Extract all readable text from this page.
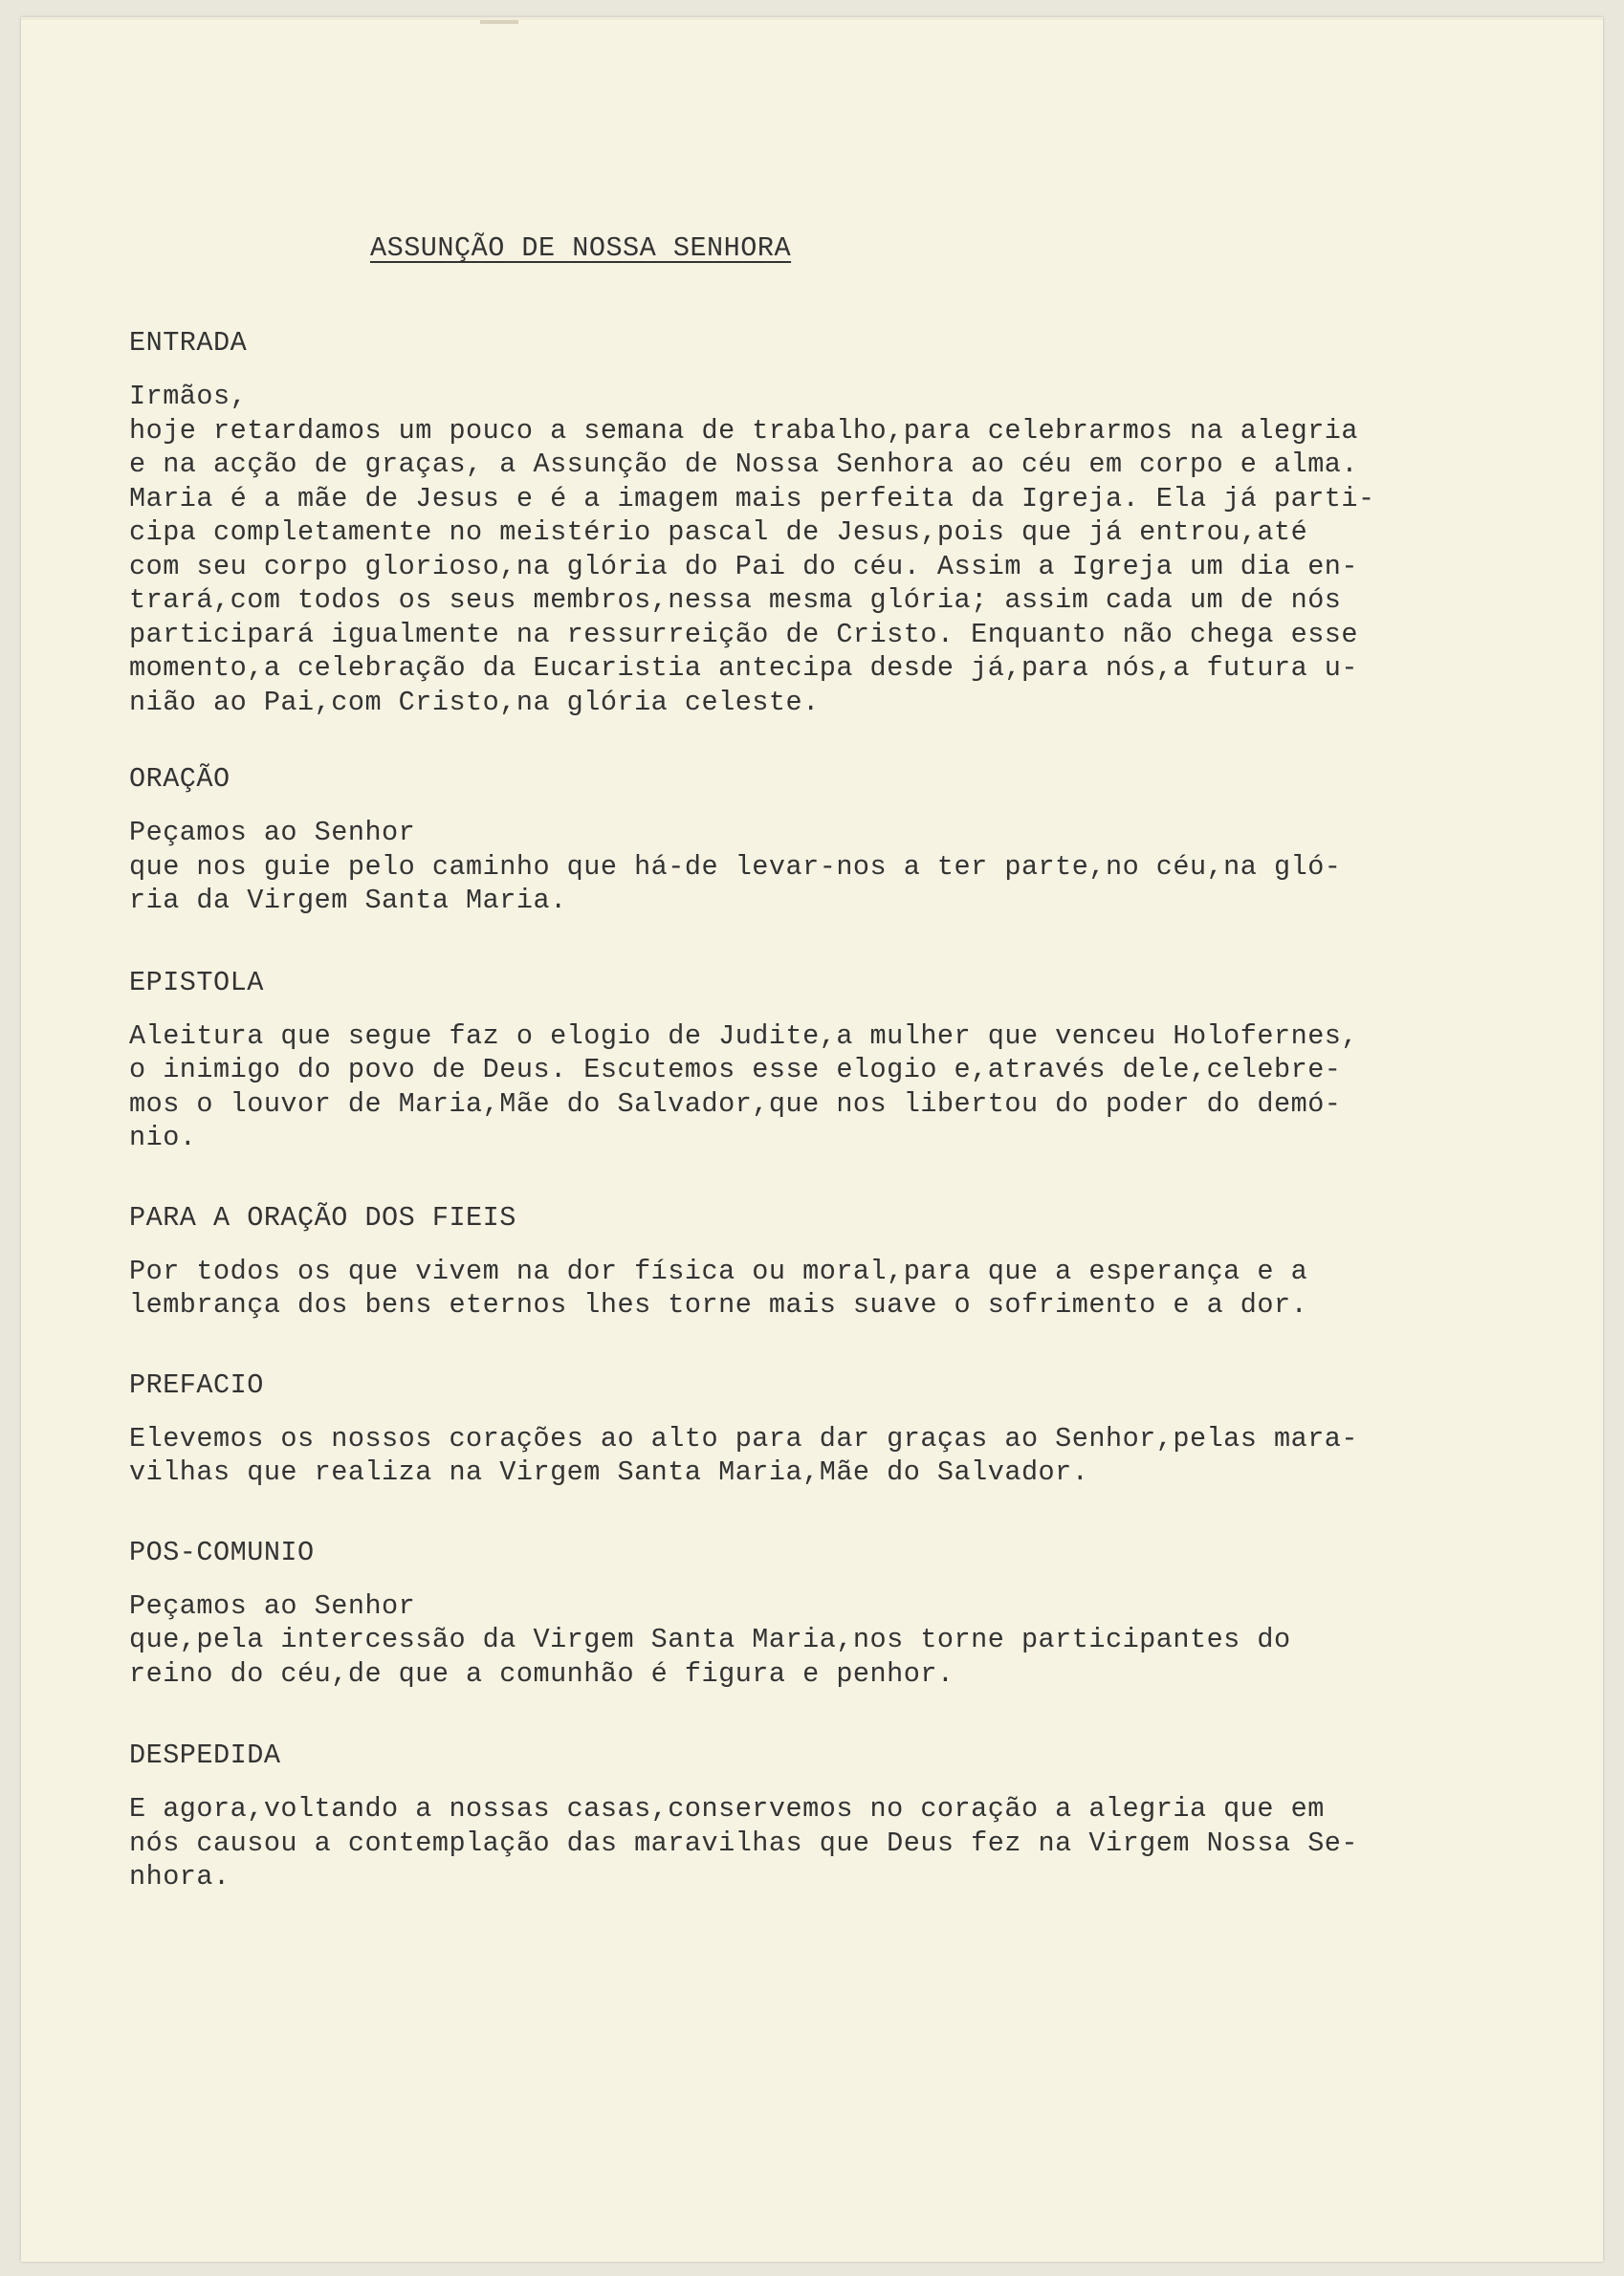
ASSUNÇÃO DE NOSSA SENHORA
ENTRADA
Irmãos,
hoje retardamos um pouco a semana de trabalho,para celebrarmos na alegria
e na acção de graças, a Assunção de Nossa Senhora ao céu em corpo e alma.
Maria é a mãe de Jesus e é a imagem mais perfeita da Igreja. Ela já parti-
cipa completamente no meistério pascal de Jesus,pois que já entrou,até
com seu corpo glorioso,na glória do Pai do céu. Assim a Igreja um dia en-
trará,com todos os seus membros,nessa mesma glória; assim cada um de nós
participará igualmente na ressurreição de Cristo. Enquanto não chega esse
momento,a celebração da Eucaristia antecipa desde já,para nós,a futura u-
nião ao Pai,com Cristo,na glória celeste.
ORAÇÃO
Peçamos ao Senhor
que nos guie pelo caminho que há-de levar-nos a ter parte,no céu,na gló-
ria da Virgem Santa Maria.
EPISTOLA
Aleitura que segue faz o elogio de Judite,a mulher que venceu Holofernes,
o inimigo do povo de Deus. Escutemos esse elogio e,através dele,celebre-
mos o louvor de Maria,Mãe do Salvador,que nos libertou do poder do demó-
nio.
PARA A ORAÇÃO DOS FIEIS
Por todos os que vivem na dor física ou moral,para que a esperança e a
lembrança dos bens eternos lhes torne mais suave o sofrimento e a dor.
PREFACIO
Elevemos os nossos corações ao alto para dar graças ao Senhor,pelas mara-
vilhas que realiza na Virgem Santa Maria,Mãe do Salvador.
POS-COMUNIO
Peçamos ao Senhor
que,pela intercessão da Virgem Santa Maria,nos torne participantes do
reino do céu,de que a comunhão é figura e penhor.
DESPEDIDA
E agora,voltando a nossas casas,conservemos no coração a alegria que em
nós causou a contemplação das maravilhas que Deus fez na Virgem Nossa Se-
nhora.
